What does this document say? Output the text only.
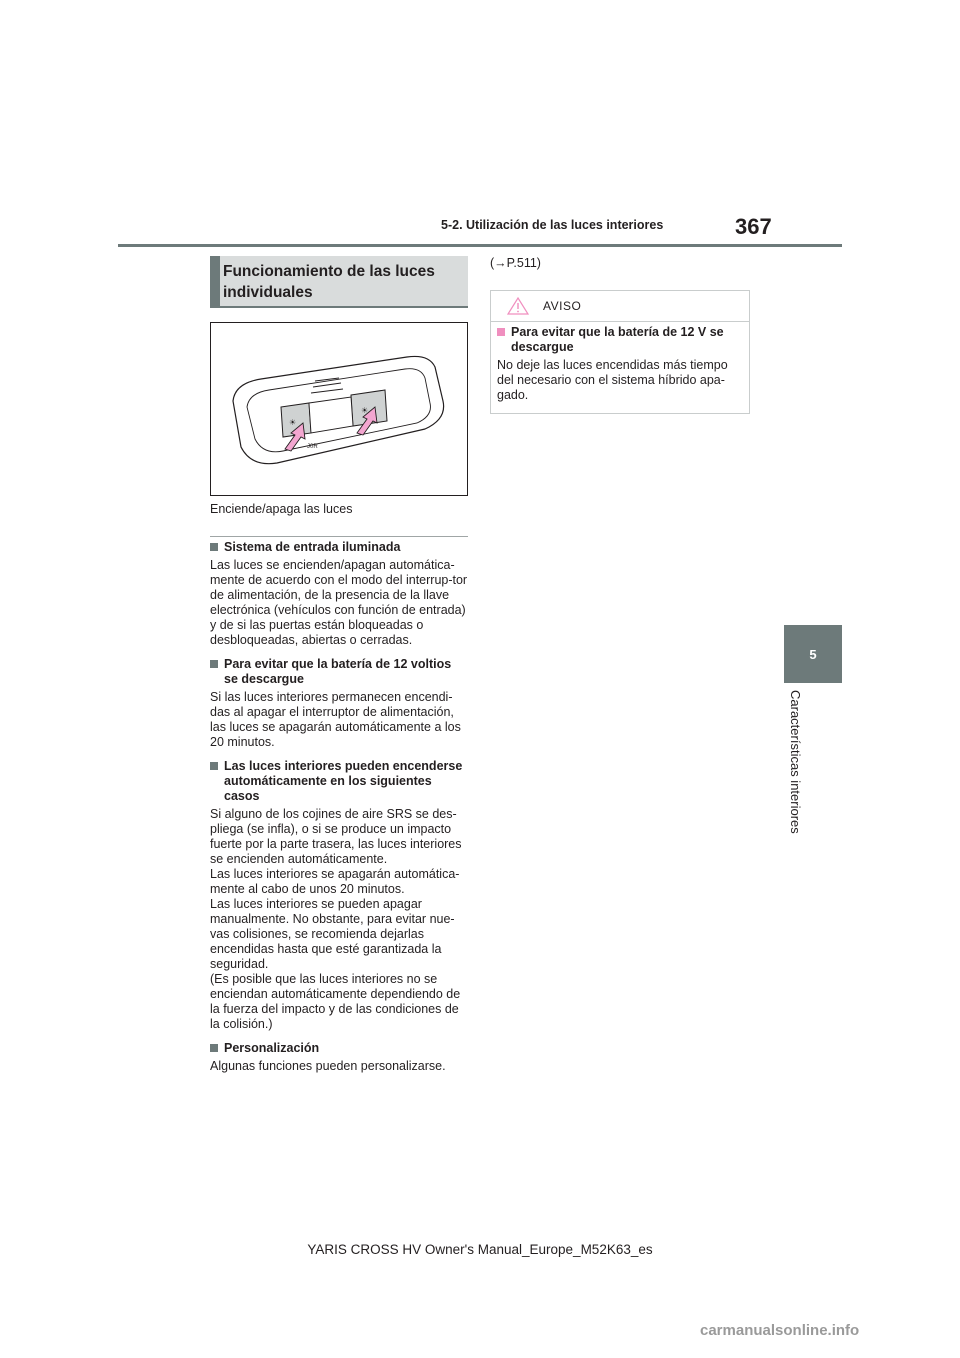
367
5-2. Utilización de las luces interiores
5
Características interiores
Funcionamiento de las luces individuales
☀
☀
J0R
Enciende/apaga las luces
Sistema de entrada iluminada
Las luces se encienden/apagan automática-mente de acuerdo con el modo del interrup-tor de alimentación, de la presencia de la llave electrónica (vehículos con función de entrada) y de si las puertas están bloqueadas o desbloqueadas, abiertas o cerradas.
Para evitar que la batería de 12 voltios se descargue
Si las luces interiores permanecen encendi-das al apagar el interruptor de alimentación, las luces se apagarán automáticamente a los 20 minutos.
Las luces interiores pueden encenderse automáticamente en los siguientes casos
Si alguno de los cojines de aire SRS se des-pliega (se infla), o si se produce un impacto fuerte por la parte trasera, las luces interiores se encienden automáticamente.
Las luces interiores se apagarán automática-mente al cabo de unos 20 minutos.
Las luces interiores se pueden apagar manualmente. No obstante, para evitar nue-vas colisiones, se recomienda dejarlas encendidas hasta que esté garantizada la seguridad.
(Es posible que las luces interiores no se enciendan automáticamente dependiendo de la fuerza del impacto y de las condiciones de la colisión.)
Personalización
Algunas funciones pueden personalizarse.
(→P.511)
AVISO
Para evitar que la batería de 12 V se descargue
No deje las luces encendidas más tiempo del necesario con el sistema híbrido apa-gado.
YARIS CROSS HV Owner's Manual_Europe_M52K63_es
carmanualsonline.info
